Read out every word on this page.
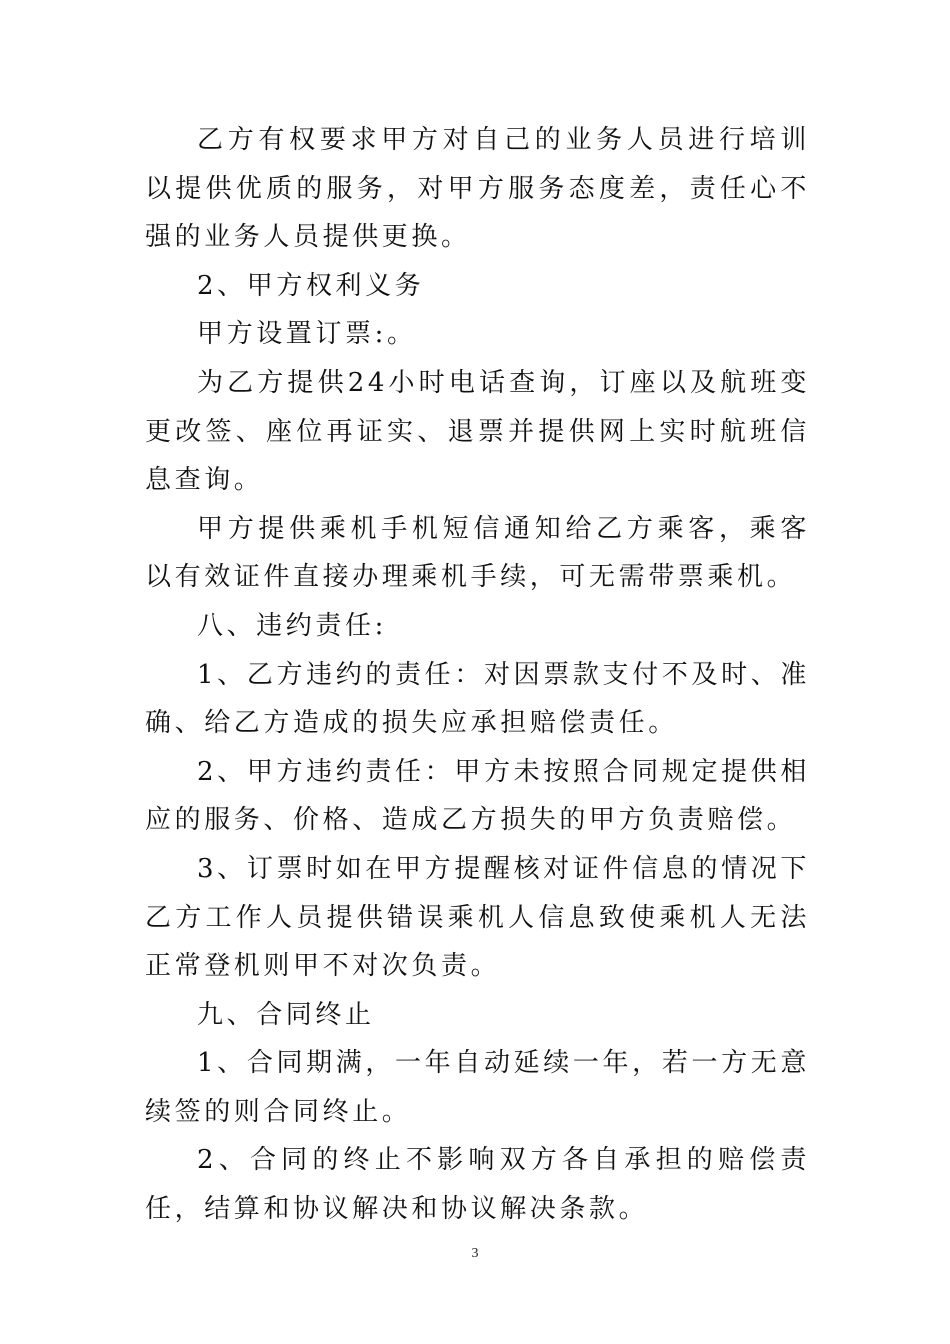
乙方有权要求甲方对自己的业务人员进行培训以提供优质的服务，对甲方服务态度差，责任心不强的业务人员提供更换。

2、甲方权利义务

甲方设置订票:。

为乙方提供24小时电话查询，订座以及航班变更改签、座位再证实、退票并提供网上实时航班信息查询。

甲方提供乘机手机短信通知给乙方乘客，乘客以有效证件直接办理乘机手续，可无需带票乘机。

八、违约责任:

1、乙方违约的责任：对因票款支付不及时、准确、给乙方造成的损失应承担赔偿责任。

2、甲方违约责任：甲方未按照合同规定提供相应的服务、价格、造成乙方损失的甲方负责赔偿。

3、订票时如在甲方提醒核对证件信息的情况下乙方工作人员提供错误乘机人信息致使乘机人无法正常登机则甲不对次负责。

九、合同终止

1、合同期满，一年自动延续一年，若一方无意续签的则合同终止。

2、合同的终止不影响双方各自承担的赔偿责任，结算和协议解决和协议解决条款。

3
